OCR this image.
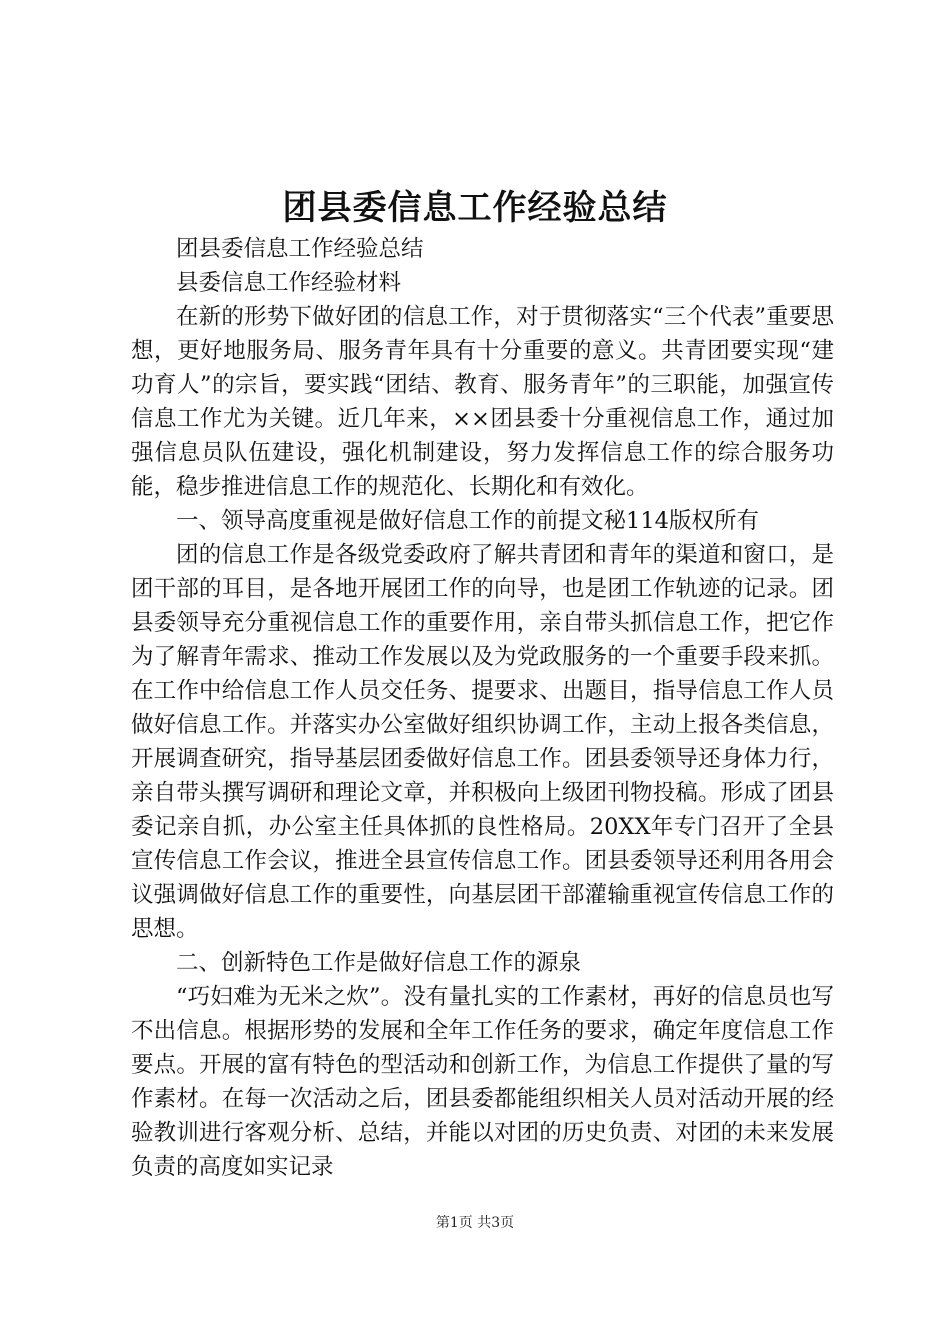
团县委信息工作经验总结

团县委信息工作经验总结

县委信息工作经验材料

在新的形势下做好团的信息工作，对于贯彻落实“三个代表”重要思想，更好地服务局、服务青年具有十分重要的意义。共青团要实现“建功育人”的宗旨，要实践“团结、教育、服务青年”的三职能，加强宣传信息工作尤为关键。近几年来，××团县委十分重视信息工作，通过加强信息员队伍建设，强化机制建设，努力发挥信息工作的综合服务功能，稳步推进信息工作的规范化、长期化和有效化。

一、领导高度重视是做好信息工作的前提文秘114版权所有

团的信息工作是各级党委政府了解共青团和青年的渠道和窗口，是团干部的耳目，是各地开展团工作的向导，也是团工作轨迹的记录。团县委领导充分重视信息工作的重要作用，亲自带头抓信息工作，把它作为了解青年需求、推动工作发展以及为党政服务的一个重要手段来抓。在工作中给信息工作人员交任务、提要求、出题目，指导信息工作人员做好信息工作。并落实办公室做好组织协调工作，主动上报各类信息，开展调查研究，指导基层团委做好信息工作。团县委领导还身体力行，亲自带头撰写调研和理论文章，并积极向上级团刊物投稿。形成了团县委记亲自抓，办公室主任具体抓的良性格局。20XX年专门召开了全县宣传信息工作会议，推进全县宣传信息工作。团县委领导还利用各用会议强调做好信息工作的重要性，向基层团干部灌输重视宣传信息工作的思想。

二、创新特色工作是做好信息工作的源泉

“巧妇难为无米之炊”。没有量扎实的工作素材，再好的信息员也写不出信息。根据形势的发展和全年工作任务的要求，确定年度信息工作要点。开展的富有特色的型活动和创新工作，为信息工作提供了量的写作素材。在每一次活动之后，团县委都能组织相关人员对活动开展的经验教训进行客观分析、总结，并能以对团的历史负责、对团的未来发展负责的高度如实记录

第1页 共3页
